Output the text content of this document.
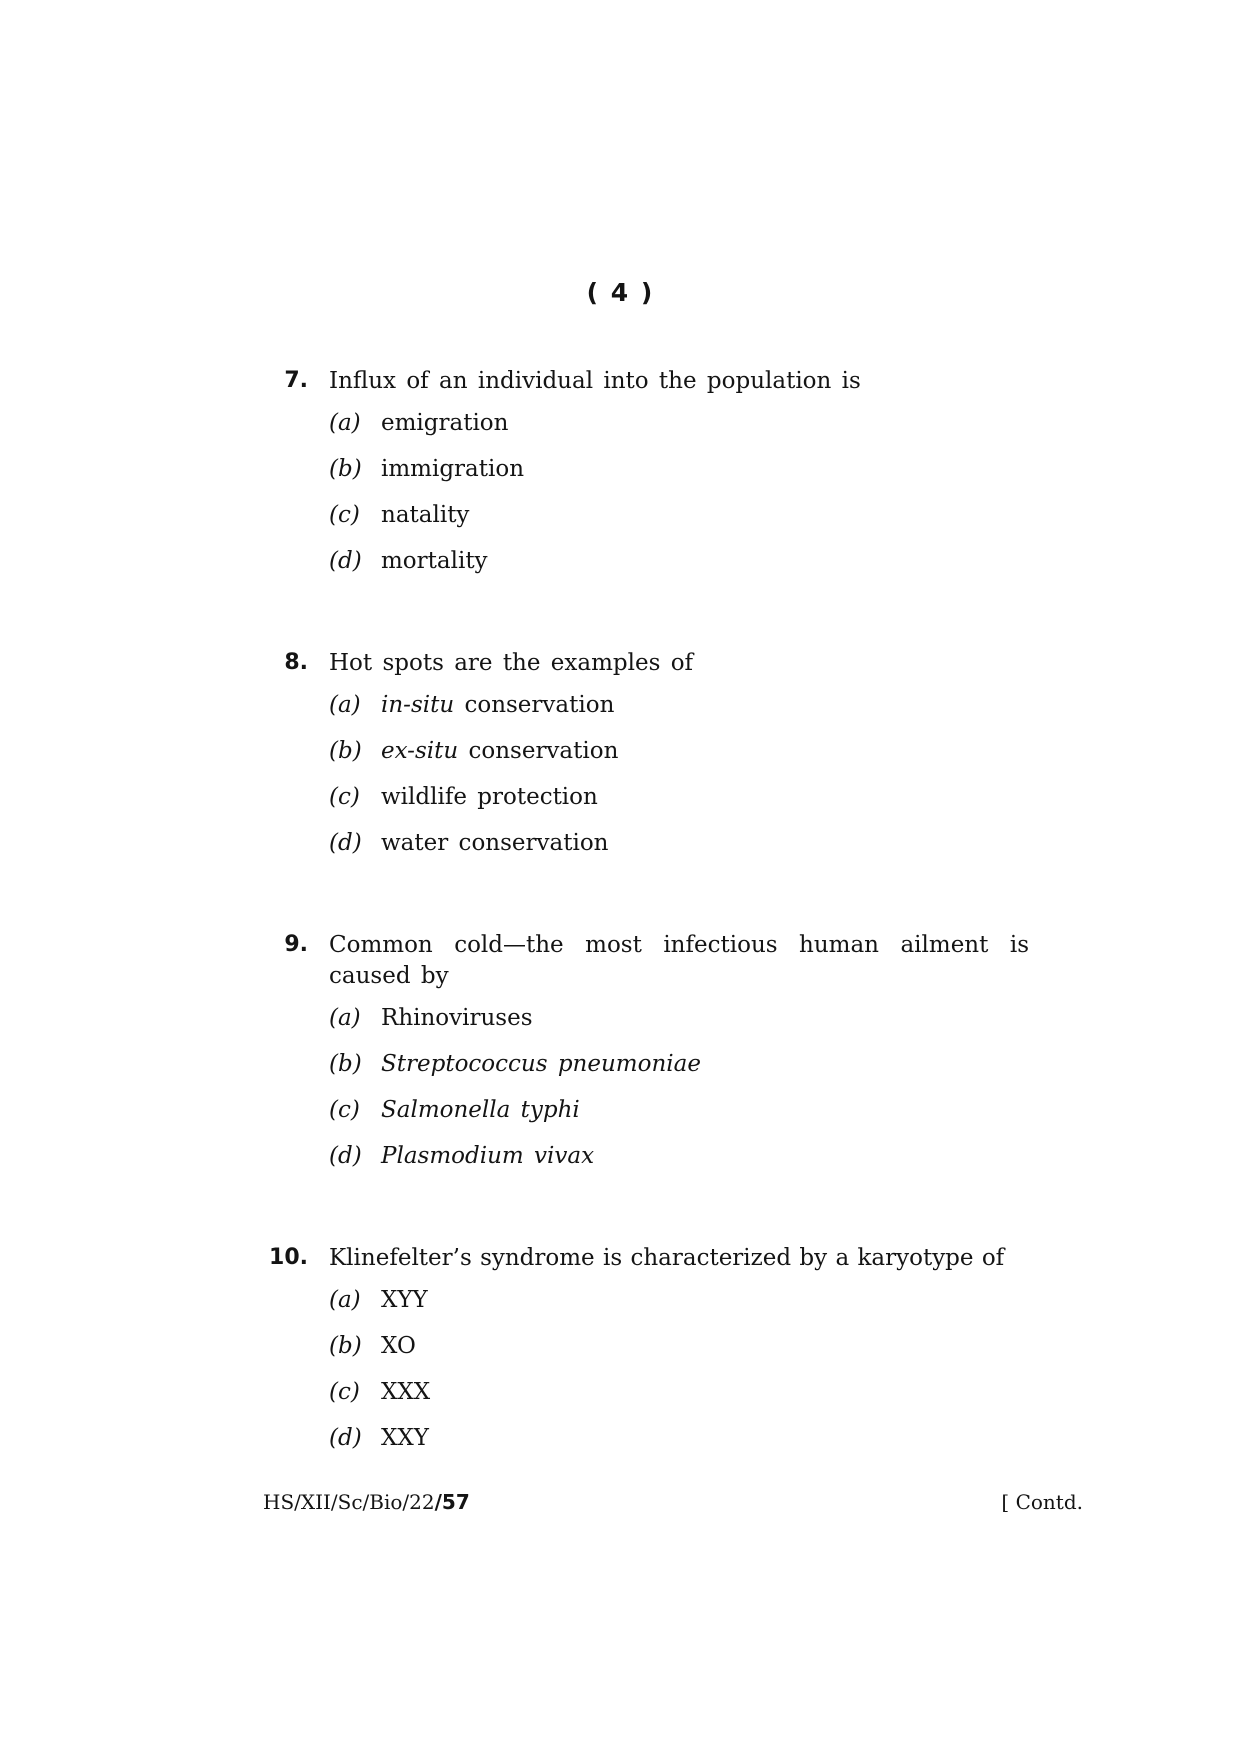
( 4 )
7. Influx of an individual into the population is
(a) emigration
(b) immigration
(c) natality
(d) mortality
8. Hot spots are the examples of
(a) in-situ conservation
(b) ex-situ conservation
(c) wildlife protection
(d) water conservation
9. Common cold—the most infectious human ailment is caused by
(a) Rhinoviruses
(b) Streptococcus pneumoniae
(c) Salmonella typhi
(d) Plasmodium vivax
10. Klinefelter’s syndrome is characterized by a karyotype of
(a) XYY
(b) XO
(c) XXX
(d) XXY
HS/XII/Sc/Bio/22/57	[ Contd.
